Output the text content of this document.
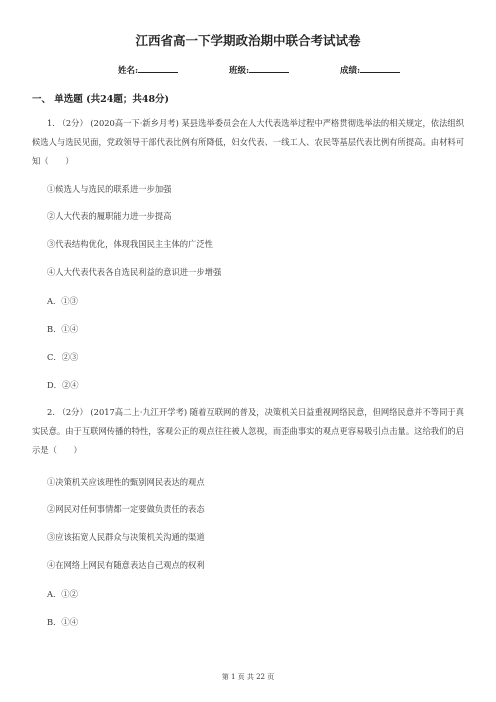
江西省高一下学期政治期中联合考试试卷
姓名:	班级:	成绩:
一、 单选题 (共24题；共48分)
1. （2分） (2020高一下·新乡月考) 某县选举委员会在人大代表选举过程中严格贯彻选举法的相关规定，依法组织候选人与选民见面，党政领导干部代表比例有所降低，妇女代表、一线工人、农民等基层代表比例有所提高。由材料可知（　　）
①候选人与选民的联系进一步加强
②人大代表的履职能力进一步提高
③代表结构优化，体现我国民主主体的广泛性
④人大代表代表各自选民利益的意识进一步增强
A．①③
B．①④
C．②③
D．②④
2. （2分） (2017高二上·九江开学考) 随着互联网的普及，决策机关日益重视网络民意，但网络民意并不等同于真实民意。由于互联网传播的特性，客观公正的观点往往被人忽视，而歪曲事实的观点更容易吸引点击量。这给我们的启示是（　　）
①决策机关应该理性的甄别网民表达的观点
②网民对任何事情都一定要做负责任的表态
③应该拓宽人民群众与决策机关沟通的渠道
④在网络上网民有随意表达自己观点的权利
A．①②
B．①④
第 1 页 共 22 页
